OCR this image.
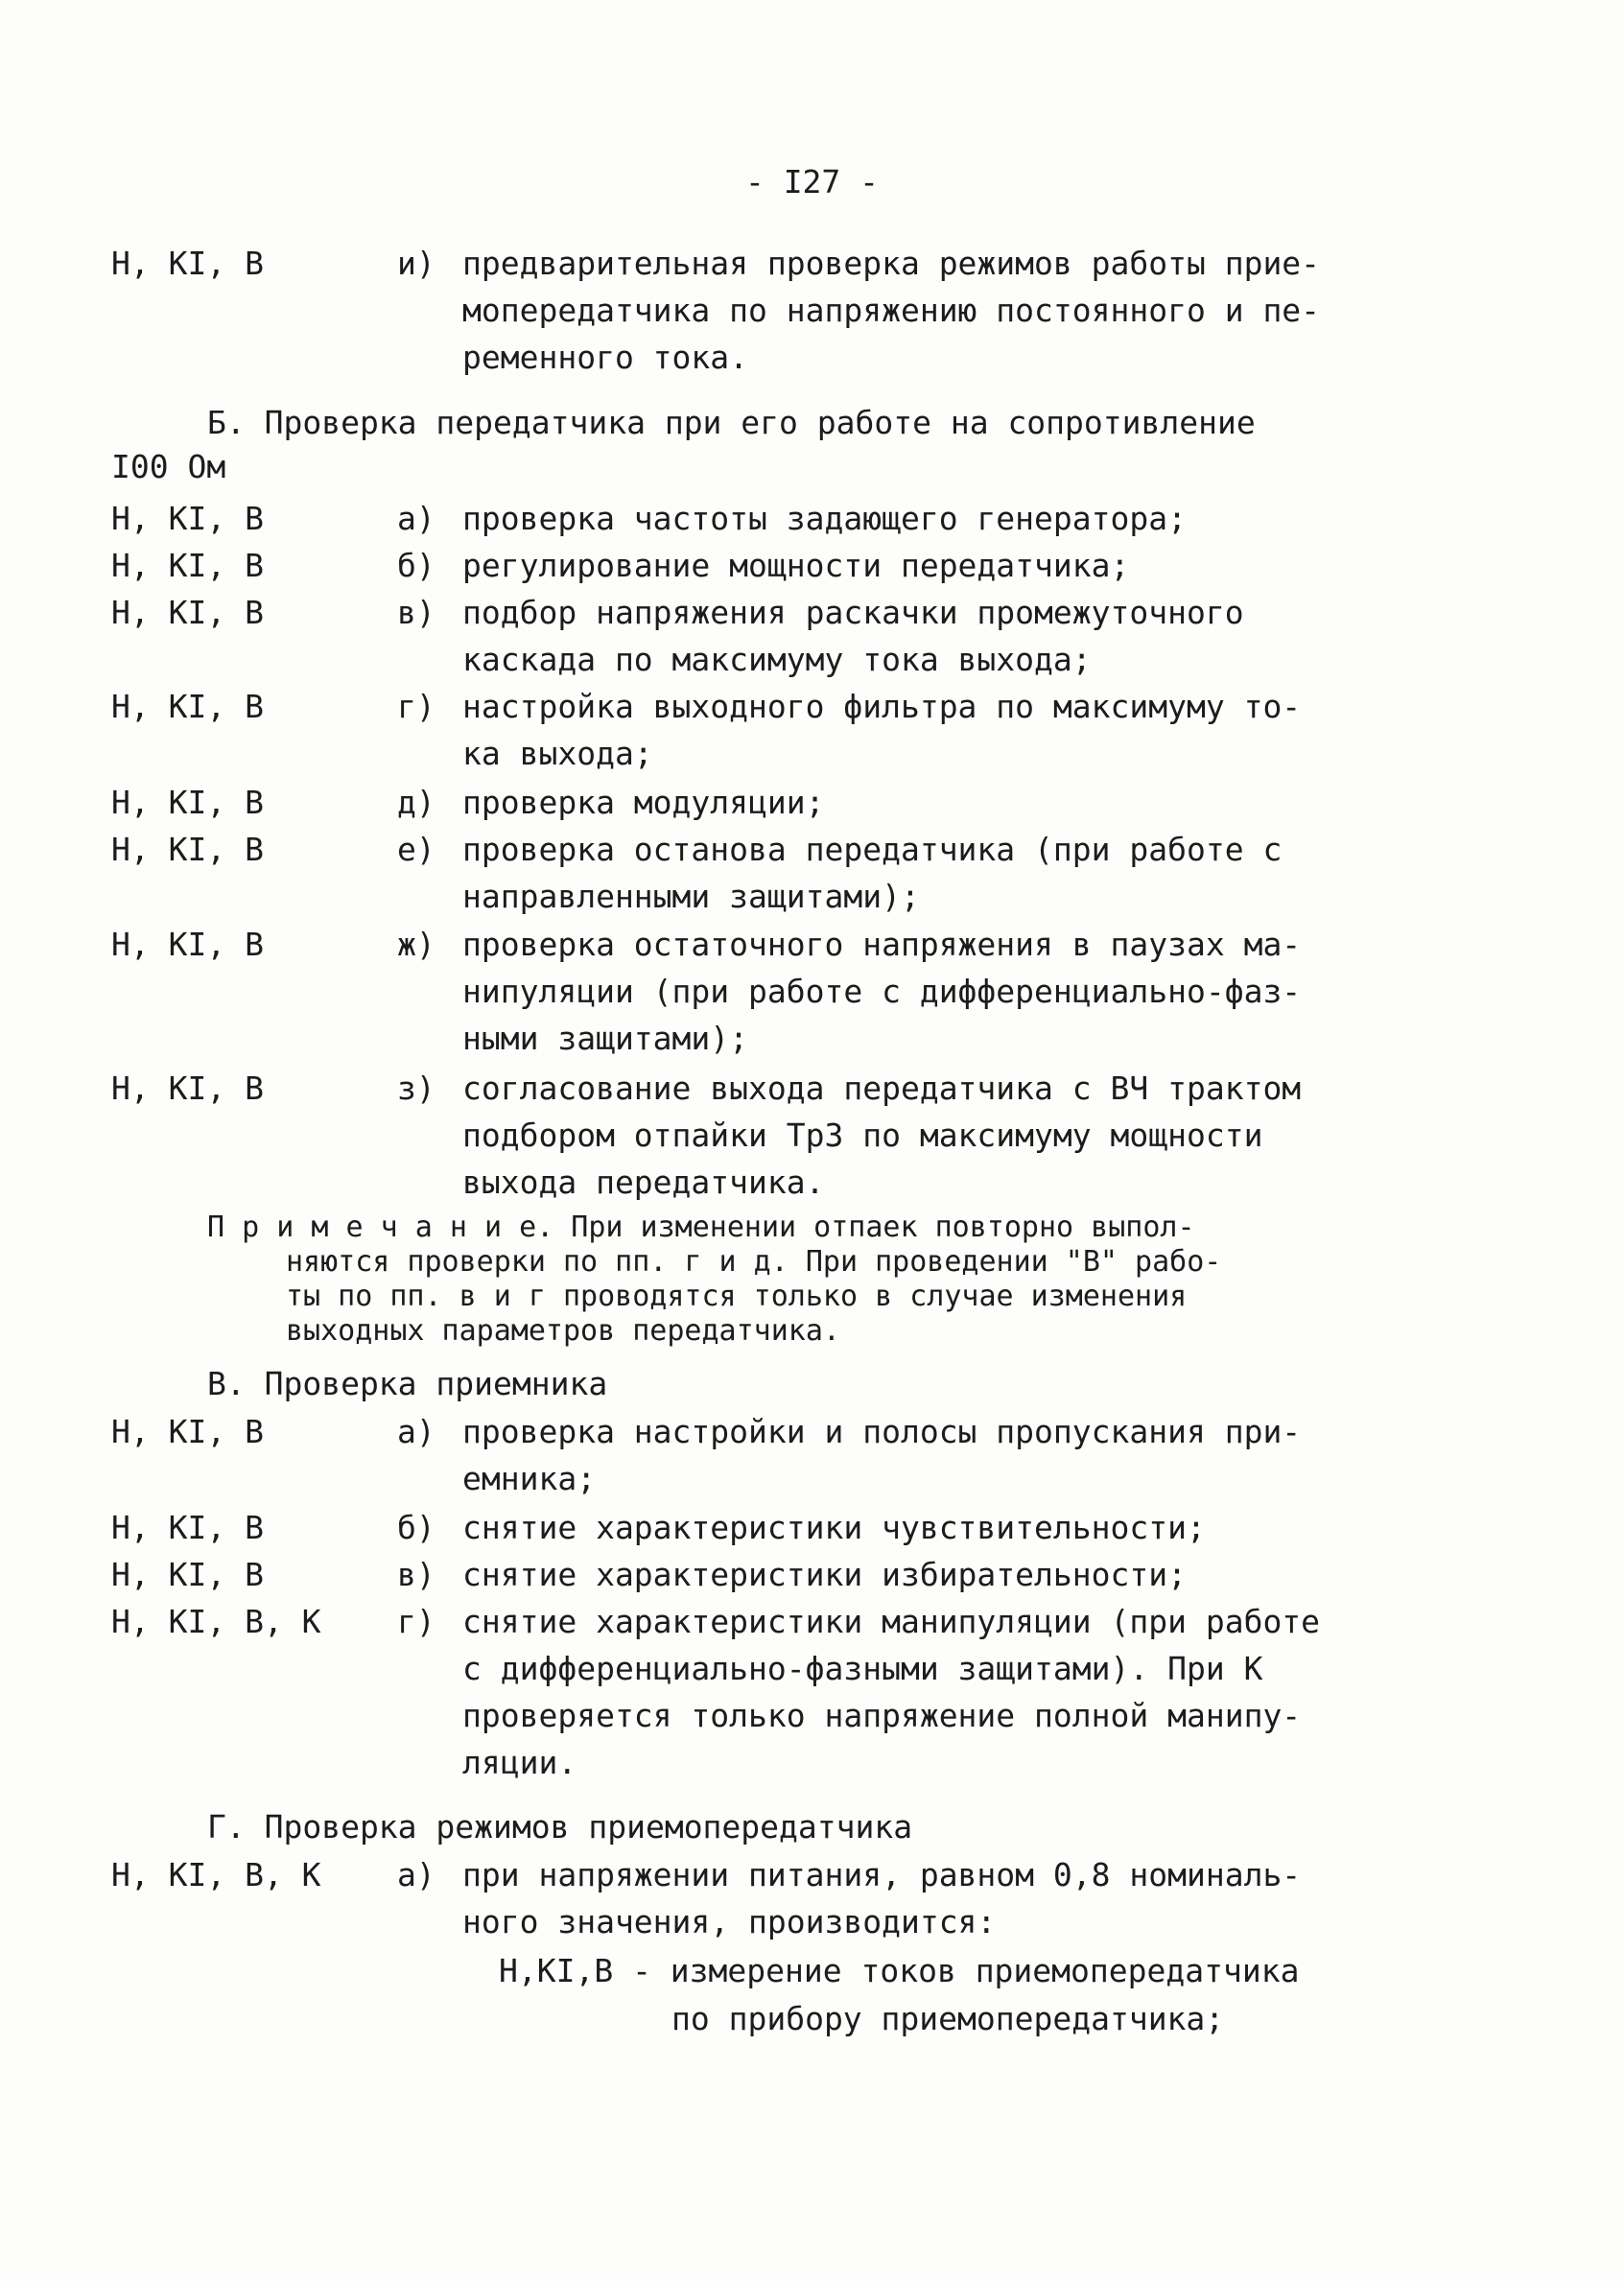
- I27 -
Н, КI, В	и) предварительная проверка режимов работы прие-
мопередатчика по напряжению постоянного и пе-
ременного тока.
Б. Проверка передатчика при его работе на сопротивление
I00 Ом
Н, КI, В	а) проверка частоты задающего генератора;
Н, КI, В	б) регулирование мощности передатчика;
Н, КI, В	в) подбор напряжения раскачки промежуточного
каскада по максимуму тока выхода;
Н, КI, В	г) настройка выходного фильтра по максимуму то-
ка выхода;
Н, КI, В	д) проверка модуляции;
Н, КI, В	е) проверка останова передатчика (при работе с
направленными защитами);
Н, КI, В	ж) проверка остаточного напряжения в паузах ма-
нипуляции (при работе с дифференциально-фаз-
ными защитами);
Н, КI, В	з) согласование выхода передатчика с ВЧ трактом
подбором отпайки ТрЗ по максимуму мощности
выхода передатчика.
П р и м е ч а н и е. При изменении отпаек повторно выпол-
няются проверки по пп. г и д. При проведении "В" рабо-
ты по пп. в и г проводятся только в случае изменения
выходных параметров передатчика.
В. Проверка приемника
Н, КI, В	а) проверка настройки и полосы пропускания при-
емника;
Н, КI, В	б) снятие характеристики чувствительности;
Н, КI, В	в) снятие характеристики избирательности;
Н, КI, В, К г) снятие характеристики манипуляции (при работе
с дифференциально-фазными защитами). При К
проверяется только напряжение полной манипу-
ляции.
Г. Проверка режимов приемопередатчика
Н, КI, В, К а) при напряжении питания, равном 0,8 номиналь-
ного значения, производится:
Н,КI,В - измерение токов приемопередатчика
по прибору приемопередатчика;
